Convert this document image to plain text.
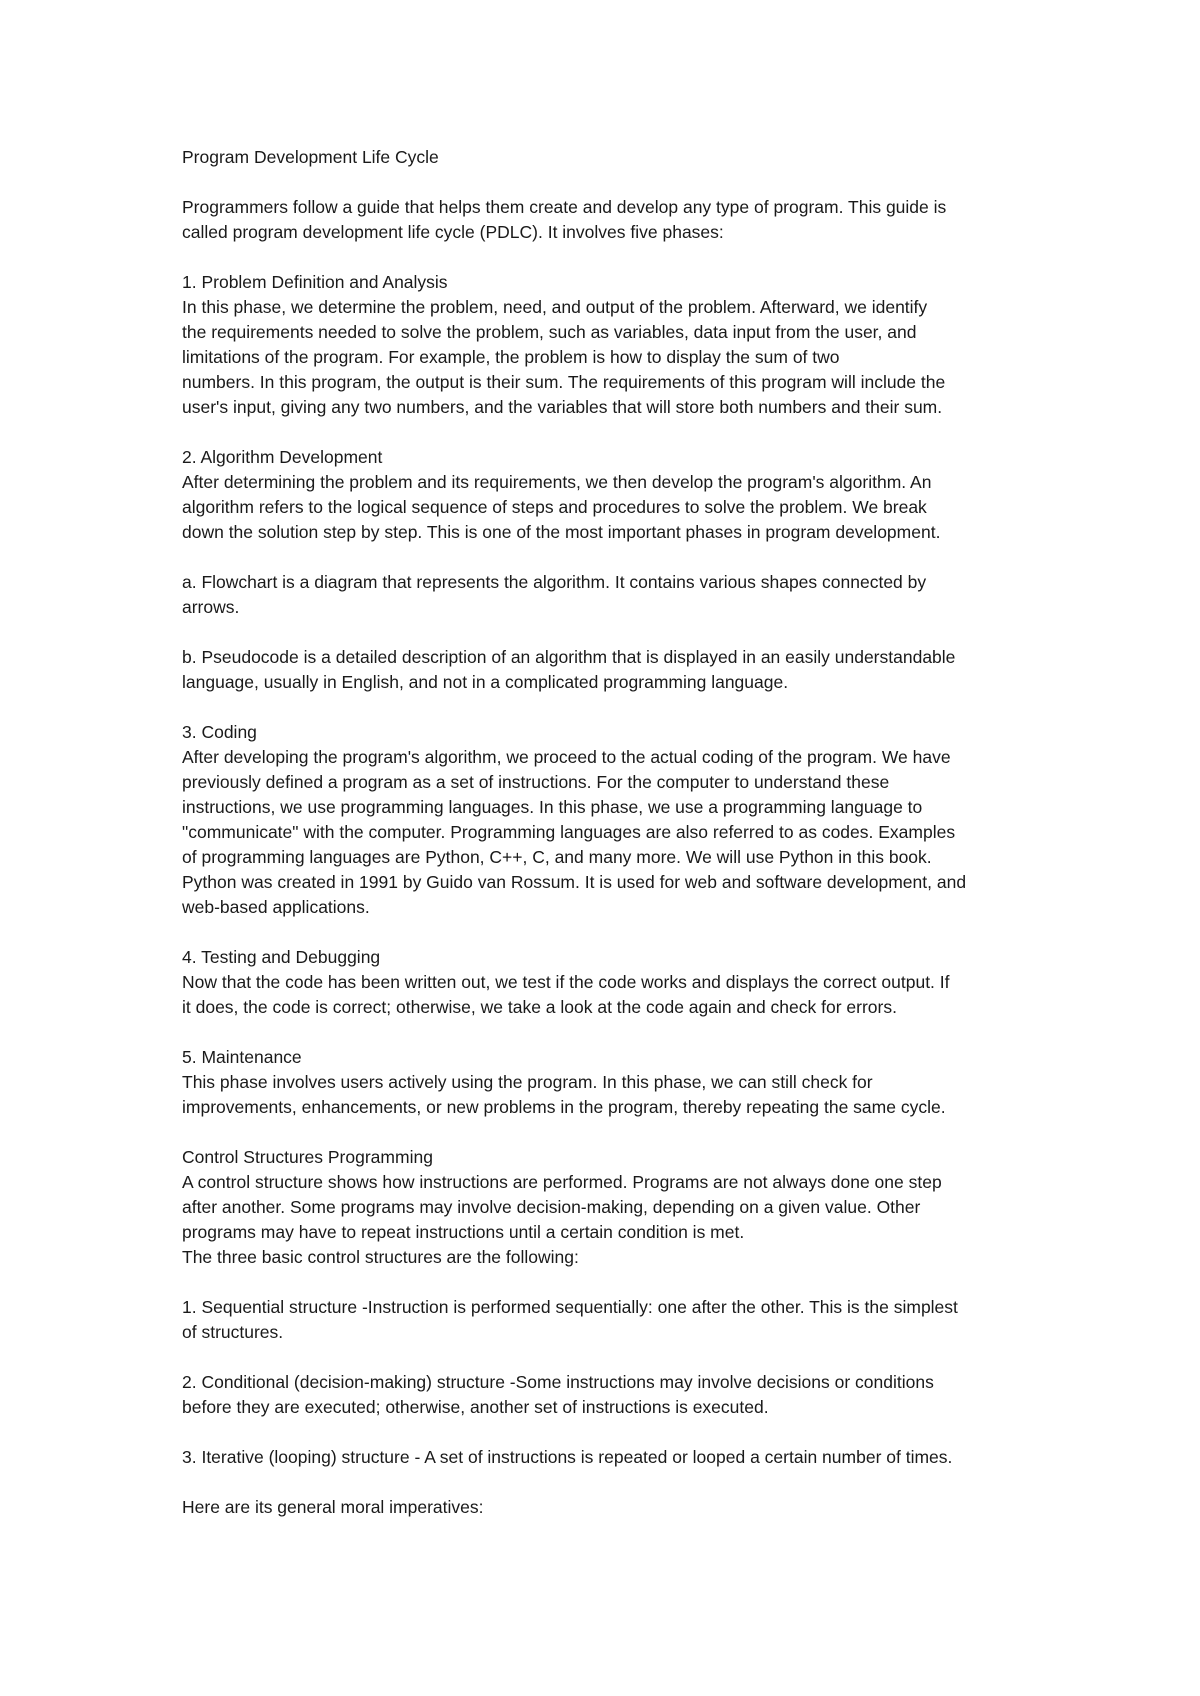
Program Development Life Cycle

Programmers follow a guide that helps them create and develop any type of program. This guide is
called program development life cycle (PDLC). It involves five phases:

1. Problem Definition and Analysis
In this phase, we determine the problem, need, and output of the problem. Afterward, we identify
the requirements needed to solve the problem, such as variables, data input from the user, and
limitations of the program. For example, the problem is how to display the sum of two
numbers. In this program, the output is their sum. The requirements of this program will include the
user's input, giving any two numbers, and the variables that will store both numbers and their sum.

2. Algorithm Development
After determining the problem and its requirements, we then develop the program's algorithm. An
algorithm refers to the logical sequence of steps and procedures to solve the problem. We break
down the solution step by step. This is one of the most important phases in program development.

a. Flowchart is a diagram that represents the algorithm. It contains various shapes connected by
arrows.

b. Pseudocode is a detailed description of an algorithm that is displayed in an easily understandable
language, usually in English, and not in a complicated programming language.

3. Coding
After developing the program's algorithm, we proceed to the actual coding of the program. We have
previously defined a program as a set of instructions. For the computer to understand these
instructions, we use programming languages. In this phase, we use a programming language to
"communicate" with the computer. Programming languages are also referred to as codes. Examples
of programming languages are Python, C++, C, and many more. We will use Python in this book.
Python was created in 1991 by Guido van Rossum. It is used for web and software development, and
web-based applications.

4. Testing and Debugging
Now that the code has been written out, we test if the code works and displays the correct output. If
it does, the code is correct; otherwise, we take a look at the code again and check for errors.

5. Maintenance
This phase involves users actively using the program. In this phase, we can still check for
improvements, enhancements, or new problems in the program, thereby repeating the same cycle.

Control Structures Programming
A control structure shows how instructions are performed. Programs are not always done one step
after another. Some programs may involve decision-making, depending on a given value. Other
programs may have to repeat instructions until a certain condition is met.
The three basic control structures are the following:

1. Sequential structure -Instruction is performed sequentially: one after the other. This is the simplest
of structures.

2. Conditional (decision-making) structure -Some instructions may involve decisions or conditions
before they are executed; otherwise, another set of instructions is executed.

3. Iterative (looping) structure - A set of instructions is repeated or looped a certain number of times.

Here are its general moral imperatives:
